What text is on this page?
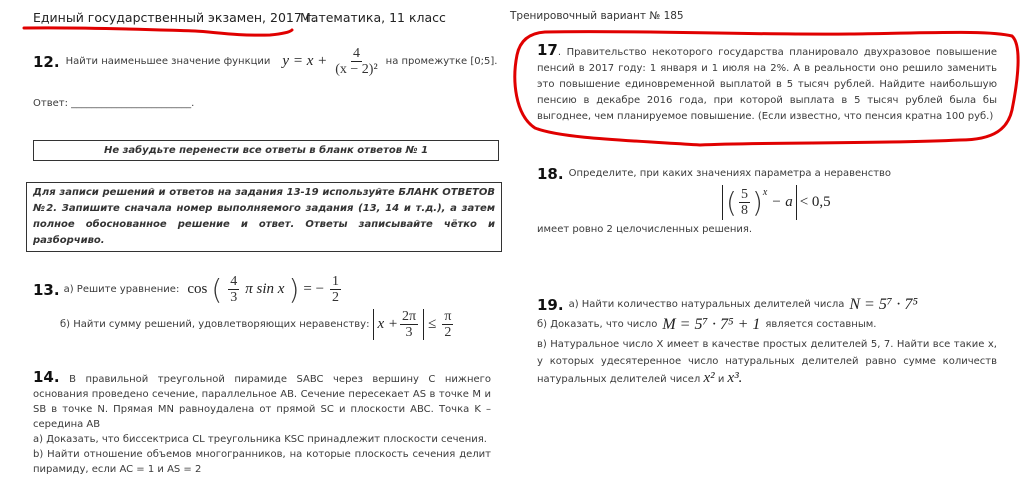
Единый государственный экзамен, 2017 г.
Математика, 11 класс	Тренировочный вариант № 185
12. Найти наименьшее значение функции $y = x + \frac{4}{\text{(x − 2)²}}$ на промежутке [0;5].
Ответ: ________________________.
Не забудьте перенести все ответы в бланк ответов № 1
Для записи решений и ответов на задания 13-19 используйте БЛАНК ОТВЕТОВ №2. Запишите сначала номер выполняемого задания (13, 14 и т.д.), а затем полное обоснованное решение и ответ. Ответы записывайте чётко и разборчиво.
13. а) Решите уравнение: cos ( $\frac{4}{3}$ π sin x ) = − $\frac{1}{2}$
б) Найти сумму решений, удовлетворяющих неравенству: $x + \frac{2\pi}{3} \le \frac{\pi}{2}$
14. В правильной треугольной пирамиде SABC через вершину C нижнего основания проведено сечение, параллельное AB. Сечение пересекает AS в точке M и SB в точке N. Прямая MN равноудалена от прямой SC и плоскости ABC. Точка K – середина AB
а) Доказать, что биссектриса CL треугольника KSC принадлежит плоскости сечения.
b) Найти отношение объемов многогранников, на которые плоскость сечения делит пирамиду, если AC = 1 и AS = 2
17. Правительство некоторого государства планировало двухразовое повышение пенсий в 2017 году: 1 января и 1 июля на 2%. А в реальности оно решило заменить это повышение единовременной выплатой в 5 тысяч рублей. Найдите наибольшую пенсию в декабре 2016 года, при которой выплата в 5 тысяч рублей была бы выгоднее, чем планируемое повышение. (Если известно, что пенсия кратна 100 руб.)
18. Определите, при каких значениях параметра a неравенство
( $\frac{5}{8}$ ) x
− a < 0,5
имеет ровно 2 целочисленных решения.
19. а) Найти количество натуральных делителей числа N = 5⁷ · 7⁵
б) Доказать, что число M = 5⁷ · 7⁵ + 1 является составным.
в) Натуральное число X имеет в качестве простых делителей 5, 7. Найти все такие x, у которых удесятеренное число натуральных делителей равно сумме количеств натуральных делителей чисел x² и x³.
